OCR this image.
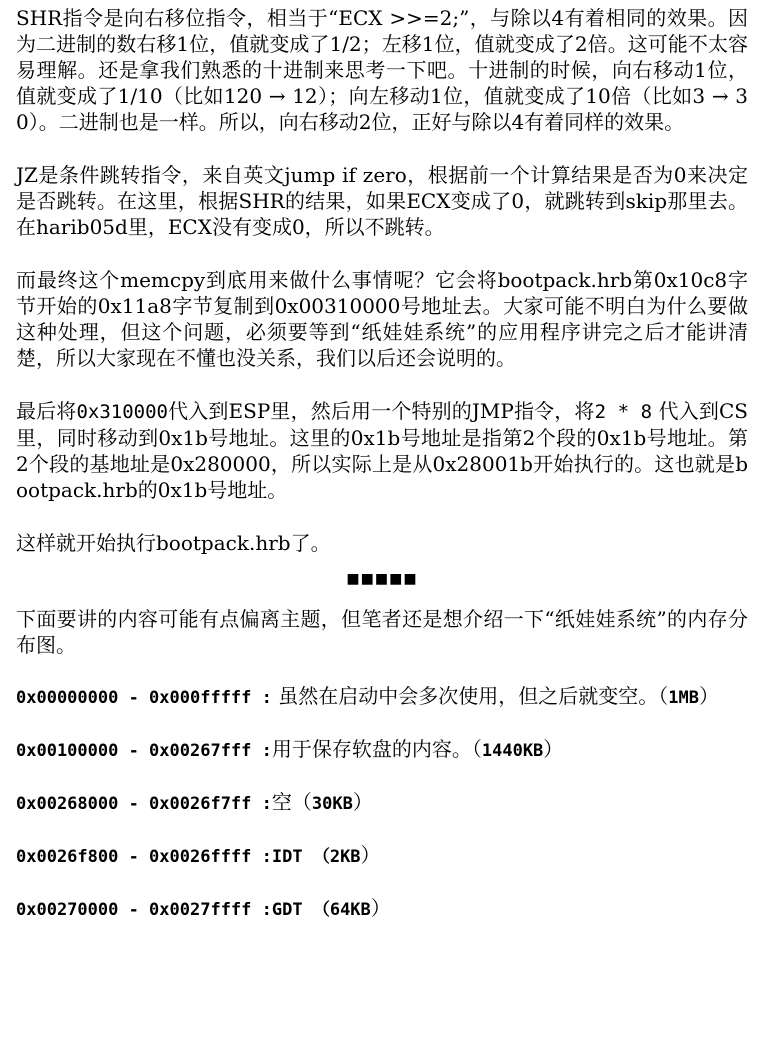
SHR指令是向右移位指令，相当于“ECX >>=2;”，与除以4有着相同的效果。因为二进制的数右移1位，值就变成了1/2；左移1位，值就变成了2倍。这可能不太容易理解。还是拿我们熟悉的十进制来思考一下吧。十进制的时候，向右移动1位，值就变成了1/10（比如120 → 12）；向左移动1位，值就变成了10倍（比如3 → 30）。二进制也是一样。所以，向右移动2位，正好与除以4有着同样的效果。

JZ是条件跳转指令，来自英文jump if zero，根据前一个计算结果是否为0来决定是否跳转。在这里，根据SHR的结果，如果ECX变成了0，就跳转到skip那里去。在harib05d里，ECX没有变成0，所以不跳转。

而最终这个memcpy到底用来做什么事情呢？它会将bootpack.hrb第0x10c8字节开始的0x11a8字节复制到0x00310000号地址去。大家可能不明白为什么要做这种处理，但这个问题，必须要等到“纸娃娃系统”的应用程序讲完之后才能讲清楚，所以大家现在不懂也没关系，我们以后还会说明的。

最后将0x310000代入到ESP里，然后用一个特别的JMP指令，将2 * 8 代入到CS里，同时移动到0x1b号地址。这里的0x1b号地址是指第2个段的0x1b号地址。第2个段的基地址是0x280000，所以实际上是从0x28001b开始执行的。这也就是bootpack.hrb的0x1b号地址。

这样就开始执行bootpack.hrb了。

■■■■■

下面要讲的内容可能有点偏离主题，但笔者还是想介绍一下“纸娃娃系统”的内存分布图。

0x00000000 - 0x000fffff : 虽然在启动中会多次使用，但之后就变空。（1MB）

0x00100000 - 0x00267fff :用于保存软盘的内容。（1440KB）

0x00268000 - 0x0026f7ff :空（30KB）

0x0026f800 - 0x0026ffff :IDT （2KB）

0x00270000 - 0x0027ffff :GDT （64KB）
